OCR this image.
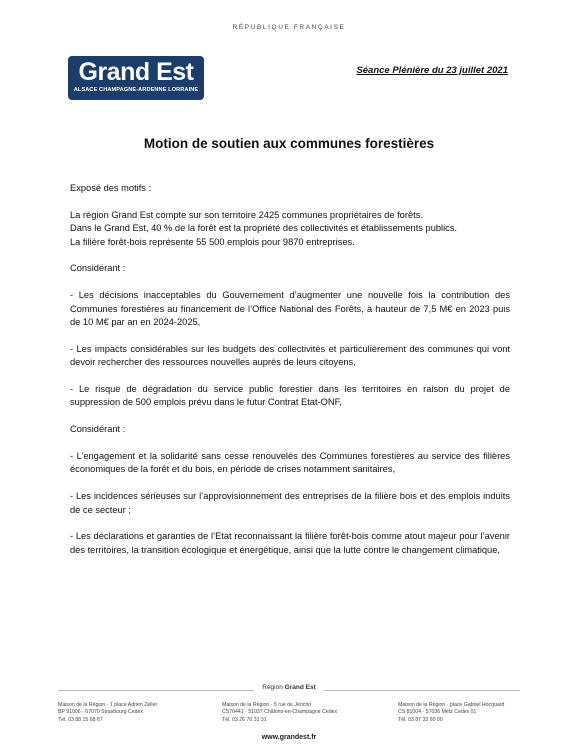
RÉPUBLIQUE FRANÇAISE
Grand Est
ALSACE CHAMPAGNE-ARDENNE LORRAINE
Séance Plénière du 23 juillet 2021
Motion de soutien aux communes forestières

Exposé des motifs :

La région Grand Est compte sur son territoire 2425 communes propriétaires de forêts.
Dans le Grand Est, 40 % de la forêt est la propriété des collectivités et établissements publics.
La filière forêt-bois représente 55 500 emplois pour 9870 entreprises.

Considérant :

- Les décisions inacceptables du Gouvernement d’augmenter une nouvelle fois la contribution des Communes forestières au financement de l’Office National des Forêts, à hauteur de 7,5 M€ en 2023 puis de 10 M€ par an en 2024-2025,

- Les impacts considérables sur les budgets des collectivités et particulièrement des communes qui vont devoir rechercher des ressources nouvelles auprès de leurs citoyens,

- Le risque de dégradation du service public forestier dans les territoires en raison du projet de suppression de 500 emplois prévu dans le futur Contrat Etat-ONF,

Considérant :

- L’engagement et la solidarité sans cesse renouvelés des Communes forestières au service des filières économiques de la forêt et du bois, en période de crises notamment sanitaires,

- Les incidences sérieuses sur l’approvisionnement des entreprises de la filière bois et des emplois induits de ce secteur ;

- Les déclarations et garanties de l’Etat reconnaissant la filière forêt-bois comme atout majeur pour l’avenir des territoires, la transition écologique et énergétique, ainsi que la lutte contre le changement climatique,

Région Grand Est
Maison de la Région · 1 place Adrien Zeller
BP 91006 · 67070 Strasbourg Cedex
Tél. 03 88 15 68 67
Maison de la Région · 5 rue de Jéricho
CS70441 · 51037 Châlons-en-Champagne Cedex
Tél. 03 26 70 31 31
Maison de la Région · place Gabriel Hocquard
CS 81004 · 57036 Metz Cedex 01
Tél. 03 87 33 60 00
www.grandest.fr
